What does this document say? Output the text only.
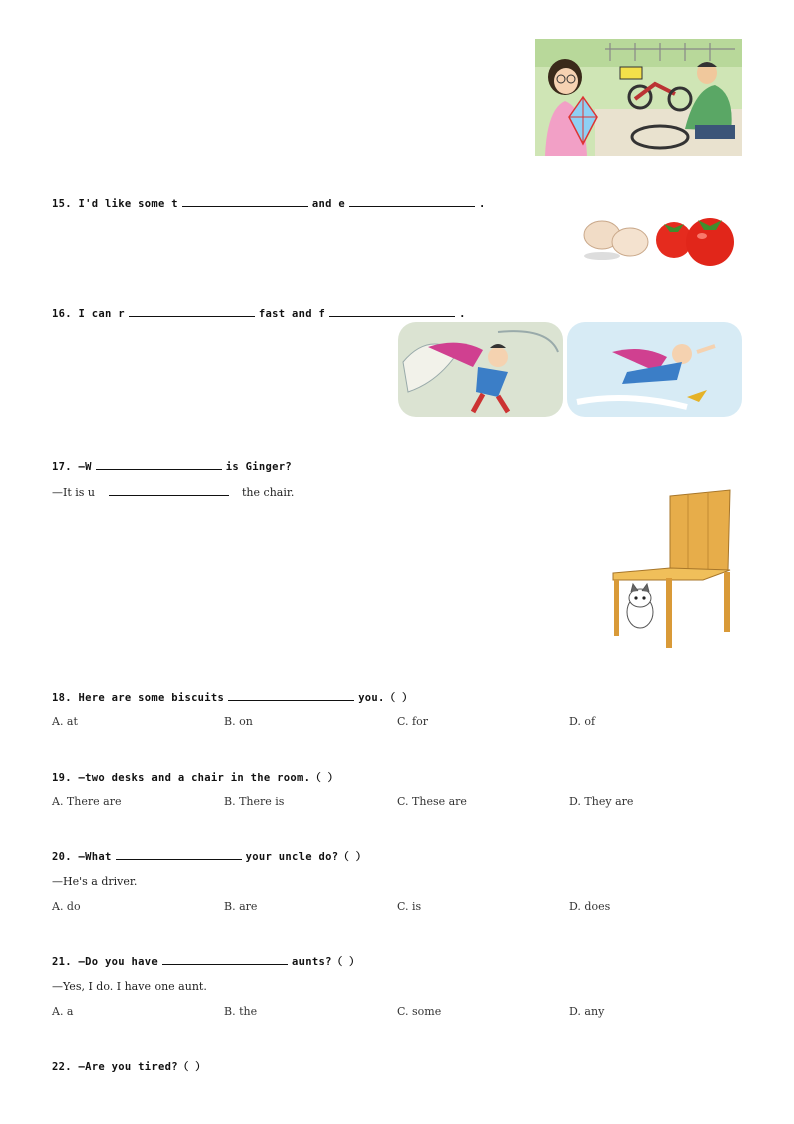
15. I'd like some t	and e	.
16. I can r	fast and f	.
17. —W	is Ginger?
—It is u	the chair.
18. Here are some biscuits	you.（ ）
A. at	B. on	C. for	D. of
19. —two desks and a chair in the room.（ ）
A. There are	B. There is	C. These are	D. They are
20. —What	your uncle do?（ ）
—He's a driver.
A. do	B. are	C. is	D. does
21. —Do you have	aunts?（ ）
—Yes, I do. I have one aunt.
A. a	B. the	C. some	D. any
22. —Are you tired?（ ）
